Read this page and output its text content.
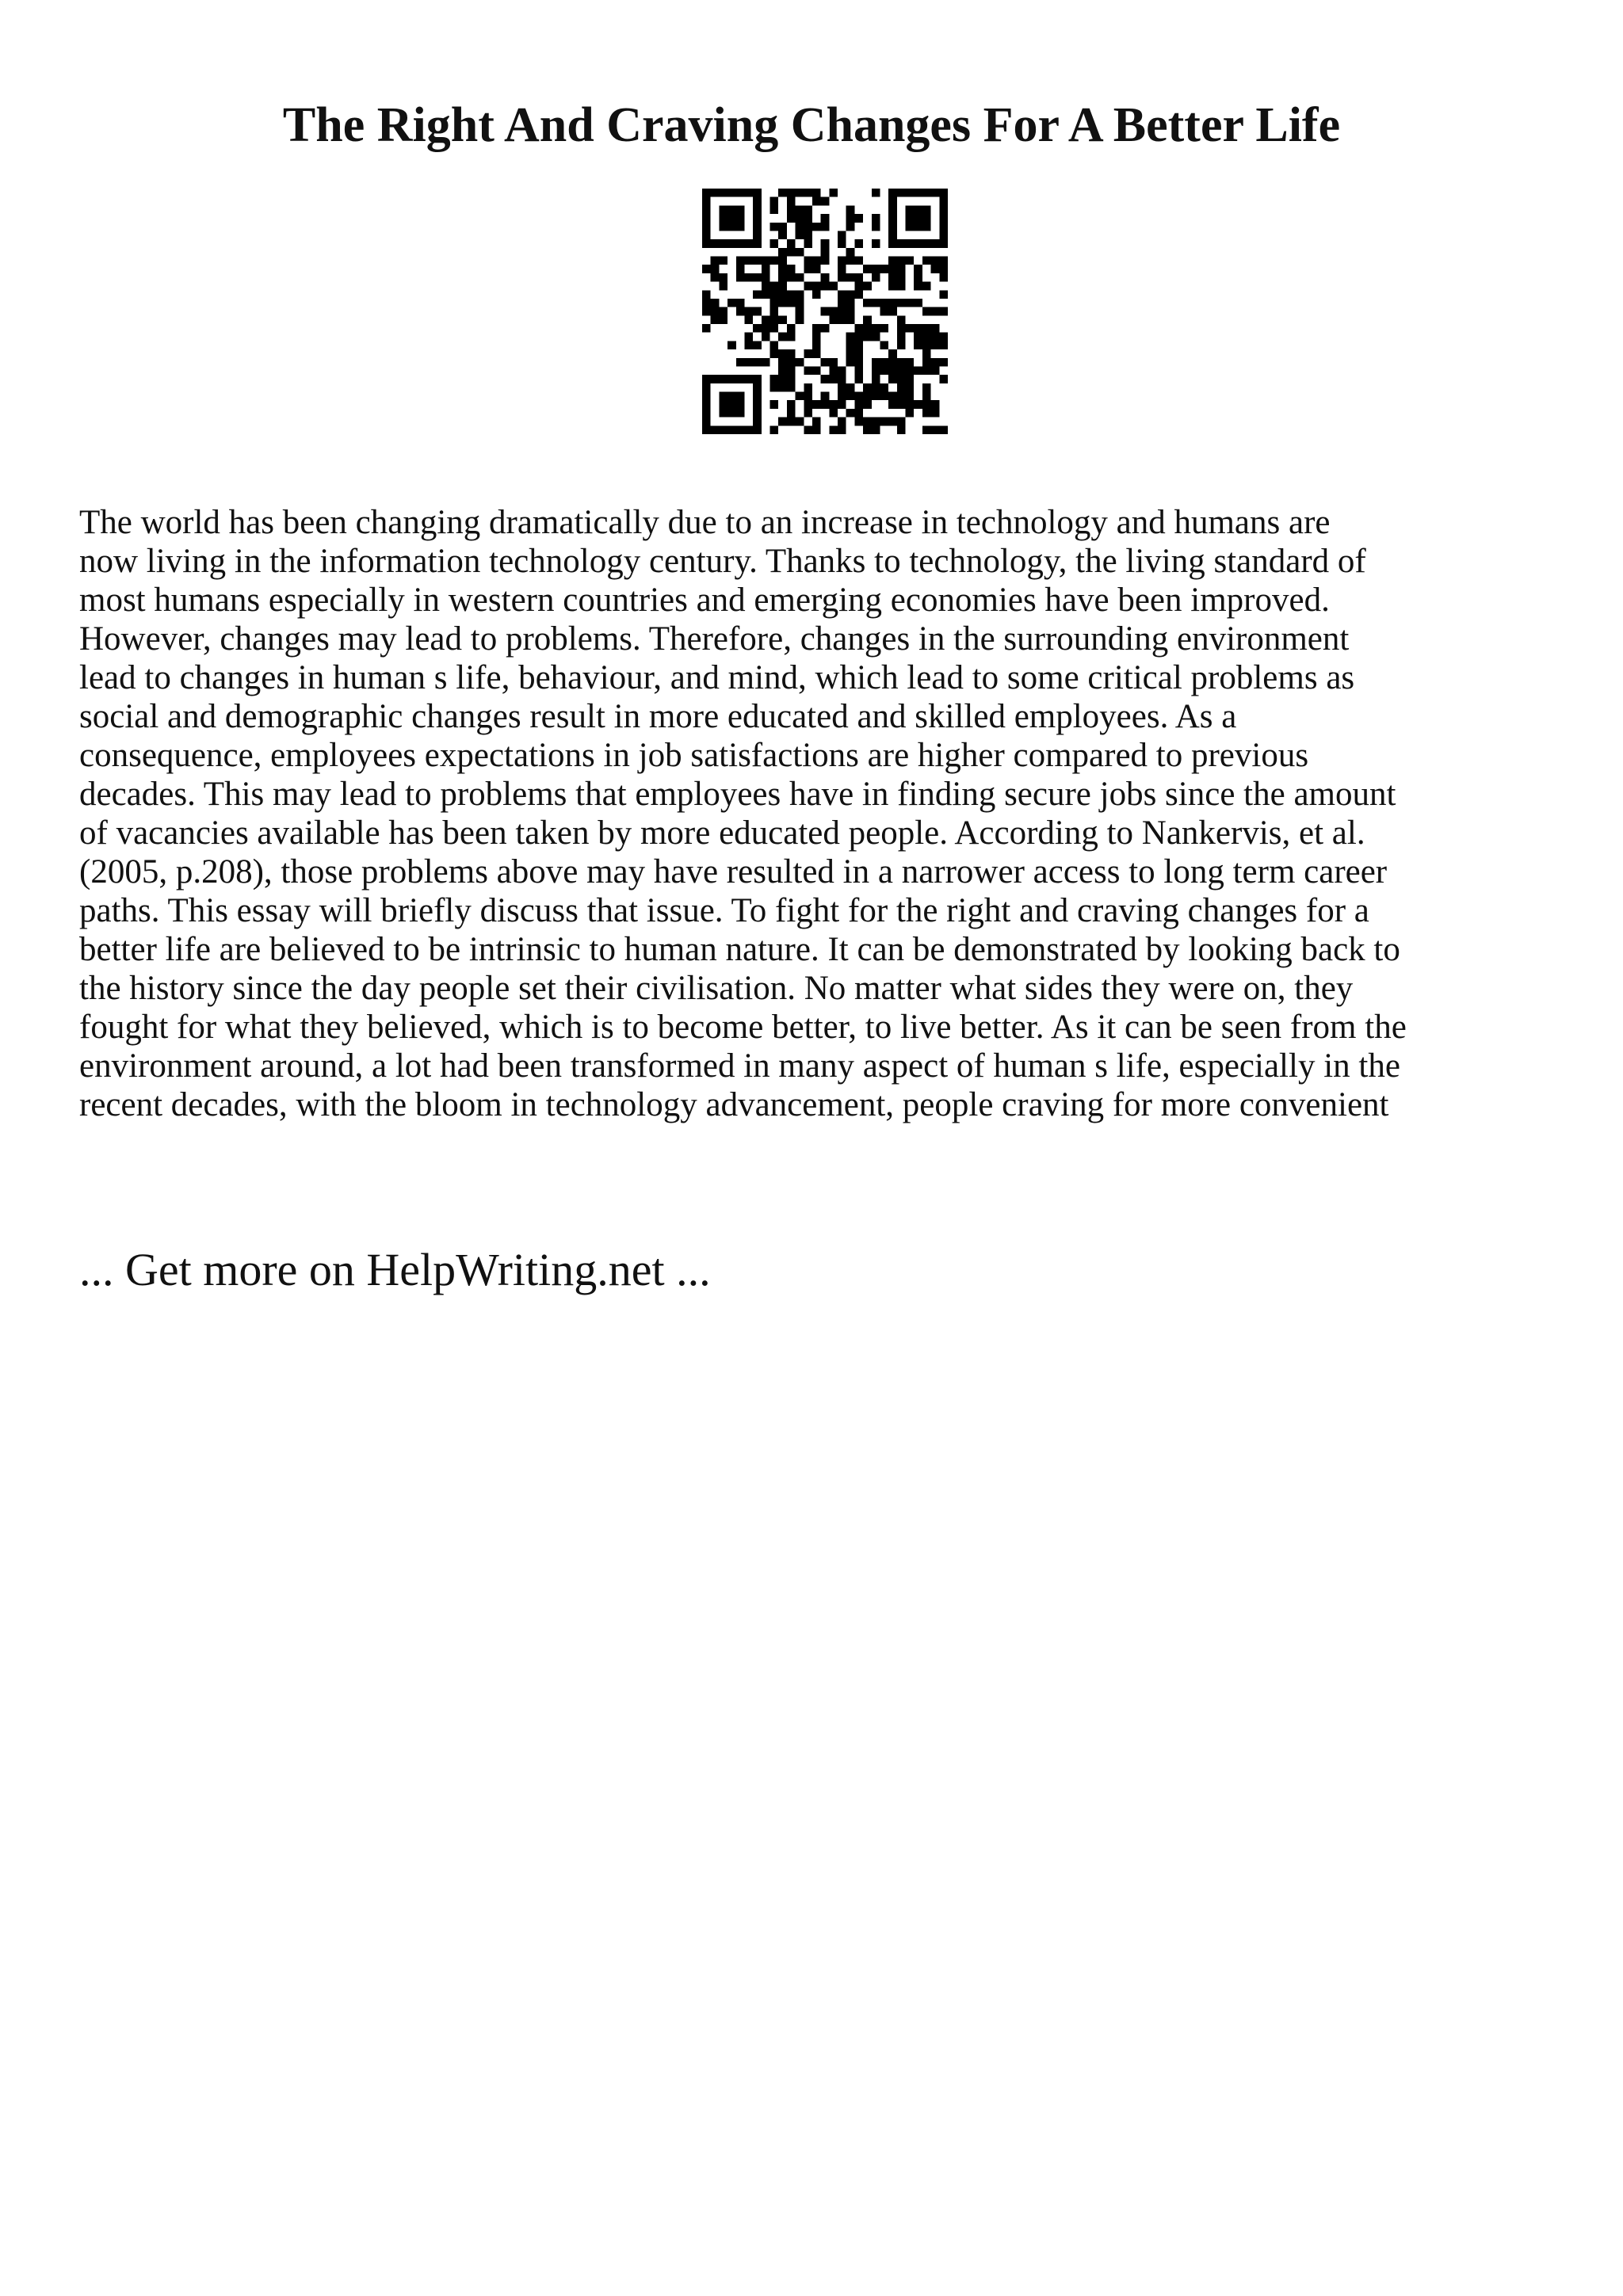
The Right And Craving Changes For A Better Life
The world has been changing dramatically due to an increase in technology and humans are
now living in the information technology century. Thanks to technology, the living standard of
most humans especially in western countries and emerging economies have been improved.
However, changes may lead to problems. Therefore, changes in the surrounding environment
lead to changes in human s life, behaviour, and mind, which lead to some critical problems as
social and demographic changes result in more educated and skilled employees. As a
consequence, employees expectations in job satisfactions are higher compared to previous
decades. This may lead to problems that employees have in finding secure jobs since the amount
of vacancies available has been taken by more educated people. According to Nankervis, et al.
(2005, p.208), those problems above may have resulted in a narrower access to long term career
paths. This essay will briefly discuss that issue. To fight for the right and craving changes for a
better life are believed to be intrinsic to human nature. It can be demonstrated by looking back to
the history since the day people set their civilisation. No matter what sides they were on, they
fought for what they believed, which is to become better, to live better. As it can be seen from the
environment around, a lot had been transformed in many aspect of human s life, especially in the
recent decades, with the bloom in technology advancement, people craving for more convenient
... Get more on HelpWriting.net ...
